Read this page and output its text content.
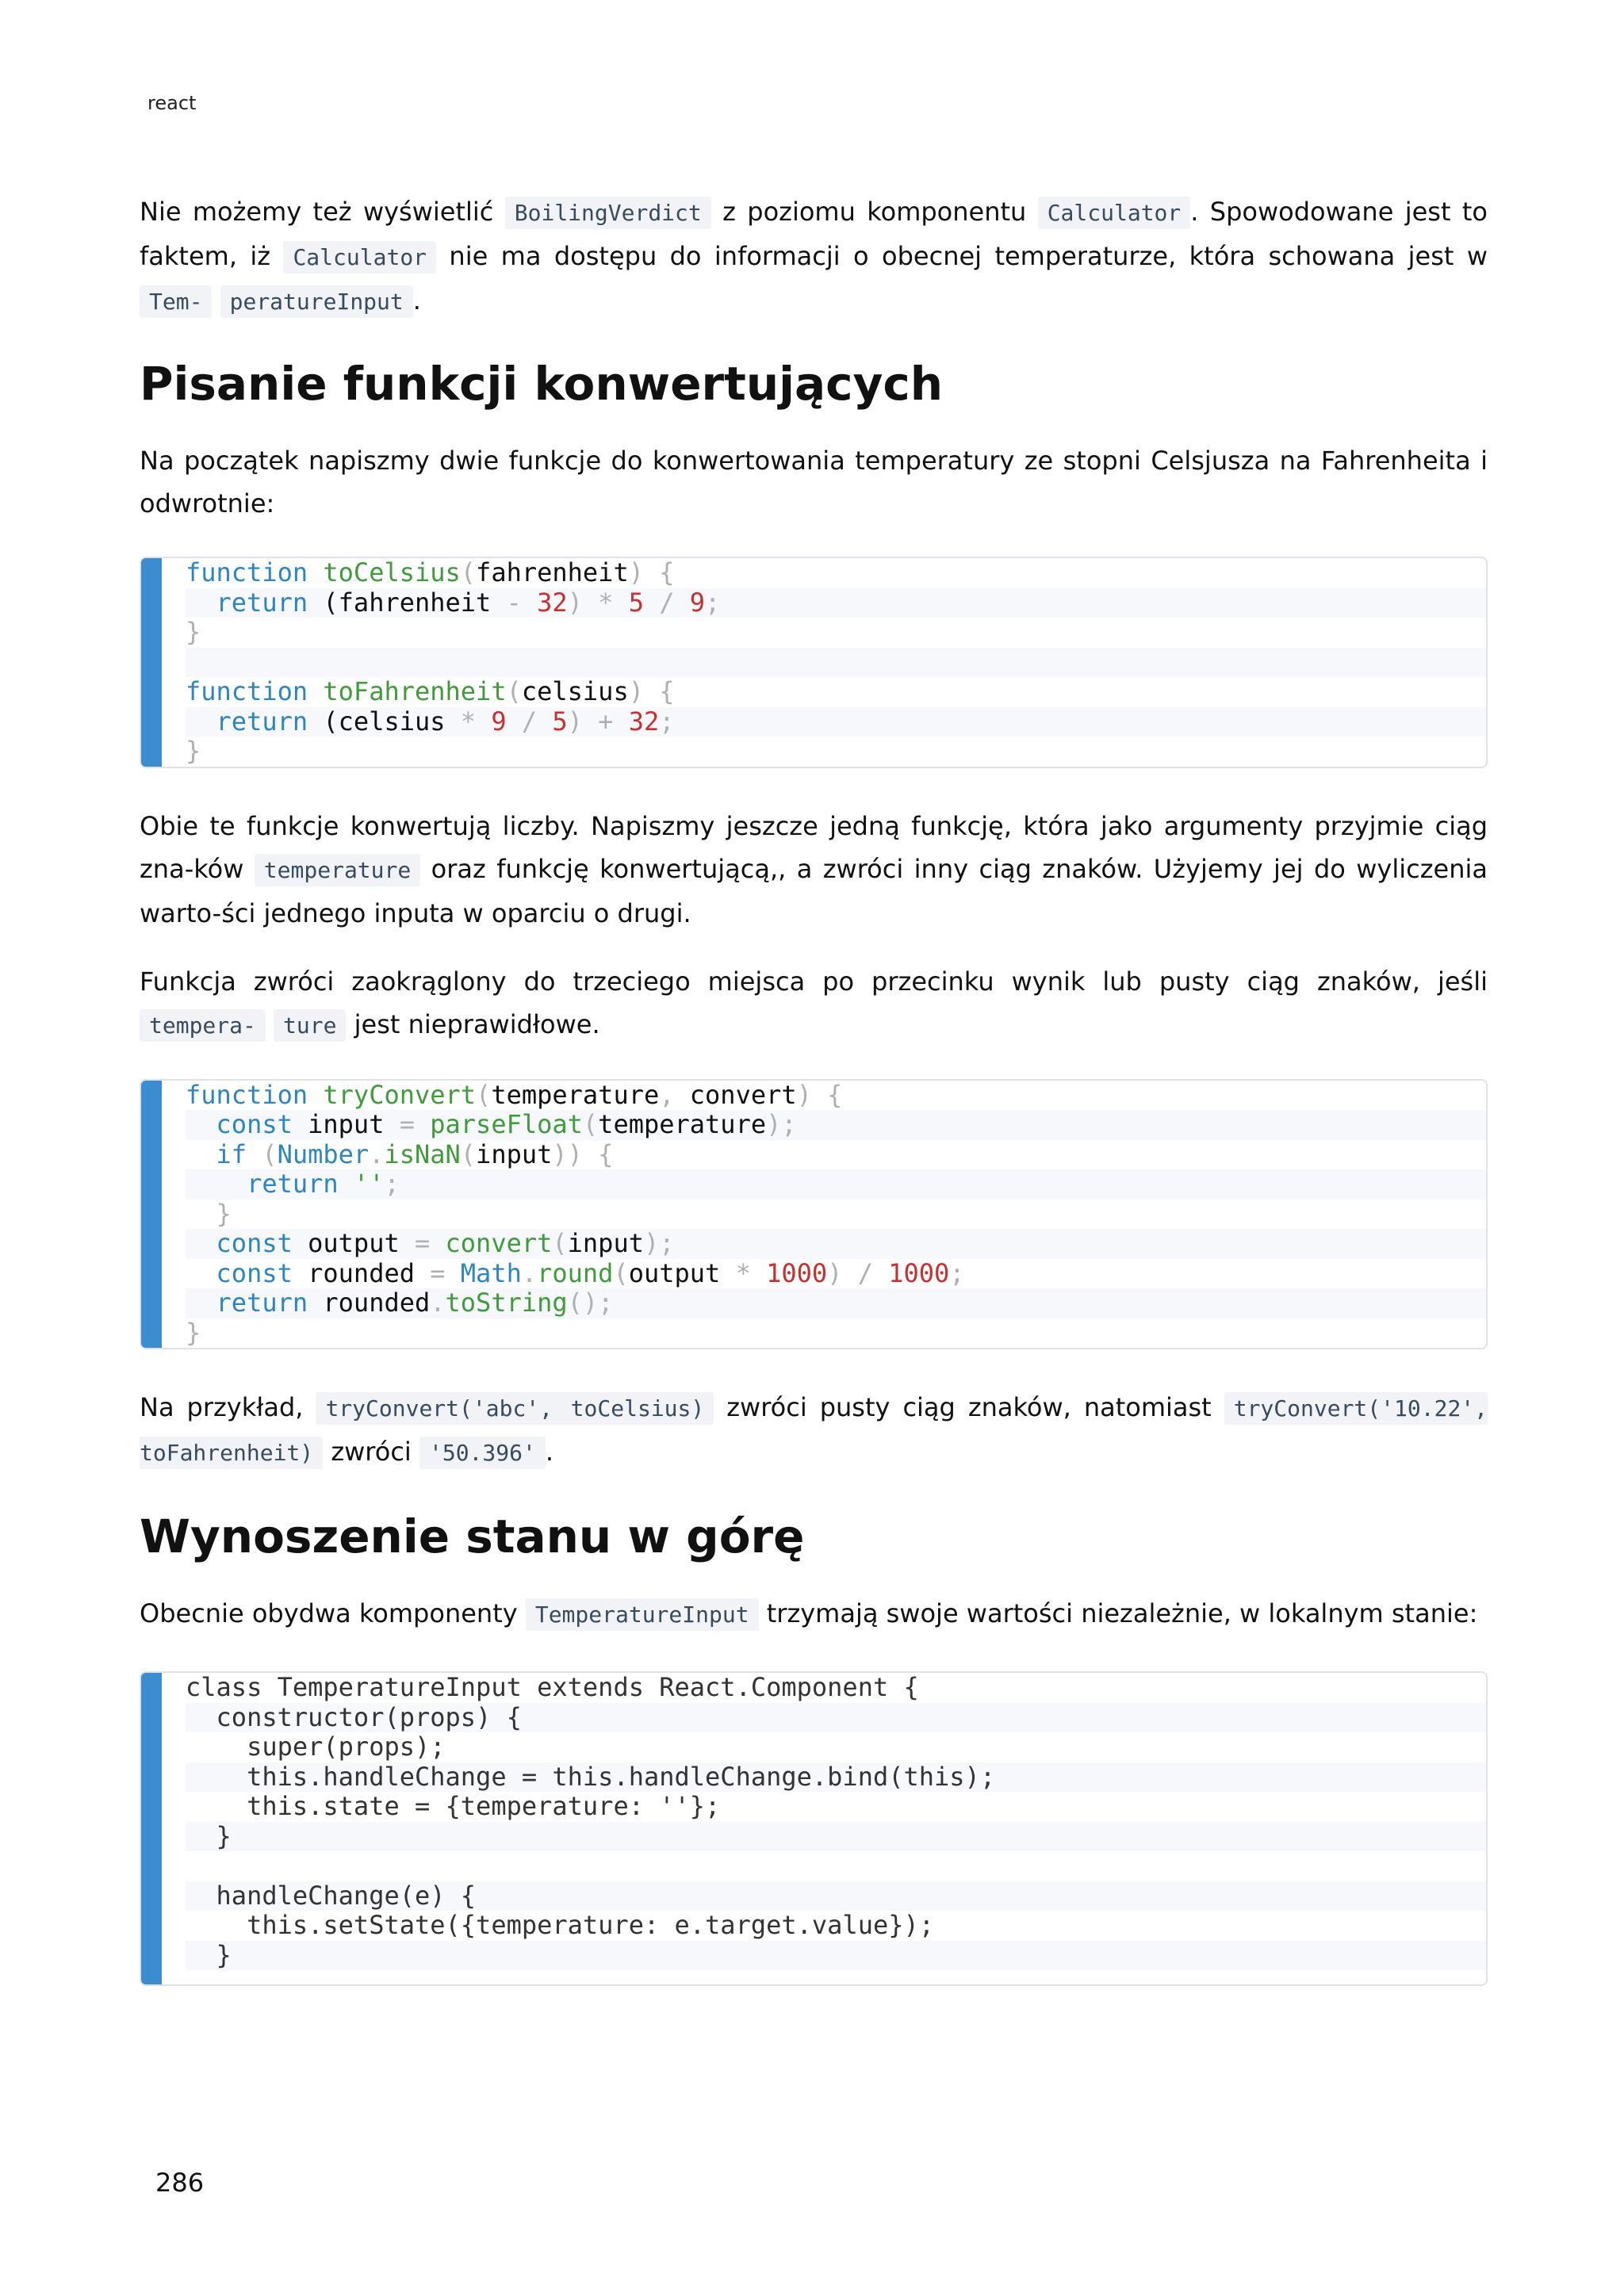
react

Nie możemy też wyświetlić BoilingVerdict z poziomu komponentu Calculator . Spowodowane jest to faktem, iż Calculator nie ma dostępu do informacji o obecnej temperaturze, która schowana jest w Tem- peratureInput .

Pisanie funkcji konwertujących

Na początek napiszmy dwie funkcje do konwertowania temperatury ze stopni Celsjusza na Fahrenheita i odwrotnie:

function toCelsius(fahrenheit) {
return (fahrenheit - 32) * 5 / 9;
}
function toFahrenheit(celsius) {
return (celsius * 9 / 5) + 32;
}

Obie te funkcje konwertują liczby. Napiszmy jeszcze jedną funkcję, która jako argumenty przyjmie ciąg zna-ków temperature oraz funkcję konwertującą,, a zwróci inny ciąg znaków. Użyjemy jej do wyliczenia warto-ści jednego inputa w oparciu o drugi.

Funkcja zwróci zaokrąglony do trzeciego miejsca po przecinku wynik lub pusty ciąg znaków, jeśli tempera- ture jest nieprawidłowe.

function tryConvert(temperature, convert) {
const input = parseFloat(temperature);
if (Number.isNaN(input)) {
return '';
}
const output = convert(input);
const rounded = Math.round(output * 1000) / 1000;
return rounded.toString();
}

Na przykład, tryConvert('abc', toCelsius) zwróci pusty ciąg znaków, natomiast tryConvert('10.22', toFahrenheit) zwróci '50.396' .

Wynoszenie stanu w górę

Obecnie obydwa komponenty TemperatureInput trzymają swoje wartości niezależnie, w lokalnym stanie:

class TemperatureInput extends React.Component {
constructor(props) {
super(props);
this.handleChange = this.handleChange.bind(this);
this.state = {temperature: ''};
}
handleChange(e) {
this.setState({temperature: e.target.value});
}
286
